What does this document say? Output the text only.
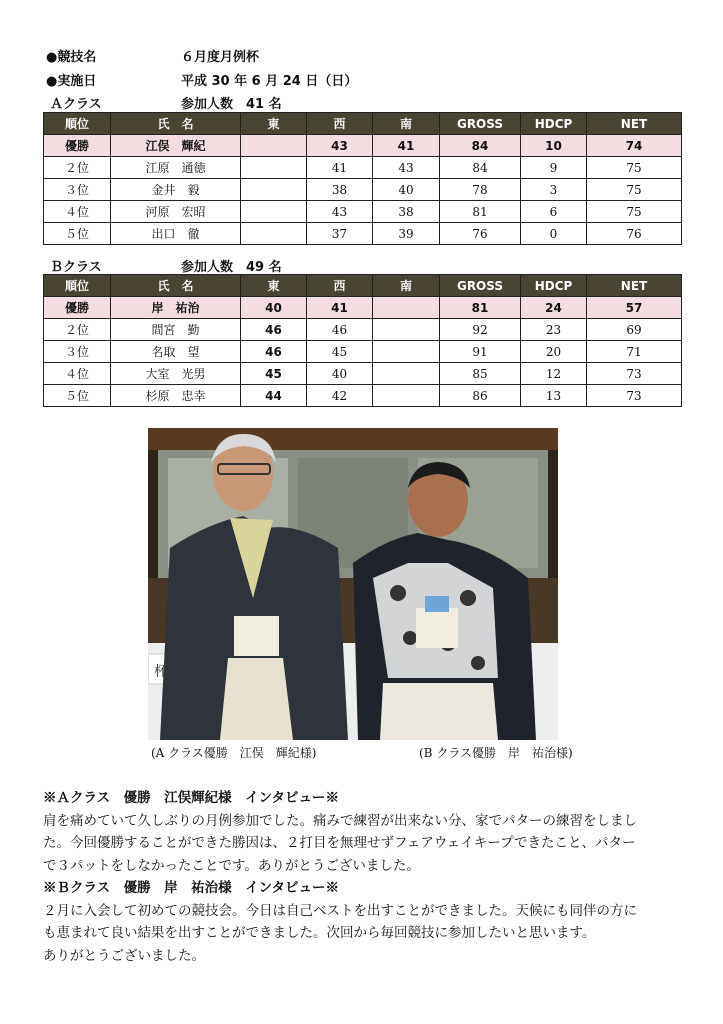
●競技名	６月度月例杯
●実施日	平成 30 年 6 月 24 日（日）
Ａクラス	参加人数　41 名
順位	氏　名	東	西	南	GROSS	HDCP	NET
優勝	江俣　輝紀		43	41	84	10	74
２位	江原　通徳		41	43	84	9	75
３位	金井　毅		38	40	78	3	75
４位	河原　宏昭		43	38	81	6	75
５位	出口　徹		37	39	76	0	76
Ｂクラス	参加人数　49 名
順位	氏　名	東	西	南	GROSS	HDCP	NET
優勝	岸　祐治	40	41		81	24	57
２位	間宮　勤	46	46		92	23	69
３位	名取　望	46	45		91	20	71
４位	大室　光男	45	40		85	12	73
５位	杉原　忠幸	44	42		86	13	73
杯
(A クラス優勝　江俣　輝紀様)	(B クラス優勝　岸　祐治様)
※Ａクラス　優勝　江俣輝紀様　インタビュー※
肩を痛めていて久しぶりの月例参加でした。痛みで練習が出来ない分、家でパターの練習をしまし
た。今回優勝することができた勝因は、２打目を無理せずフェアウェイキープできたこと、パター
で３パットをしなかったことです。ありがとうございました。
※Ｂクラス　優勝　岸　祐治様　インタビュー※
２月に入会して初めての競技会。今日は自己ベストを出すことができました。天候にも同伴の方に
も恵まれて良い結果を出すことができました。次回から毎回競技に参加したいと思います。
ありがとうございました。
